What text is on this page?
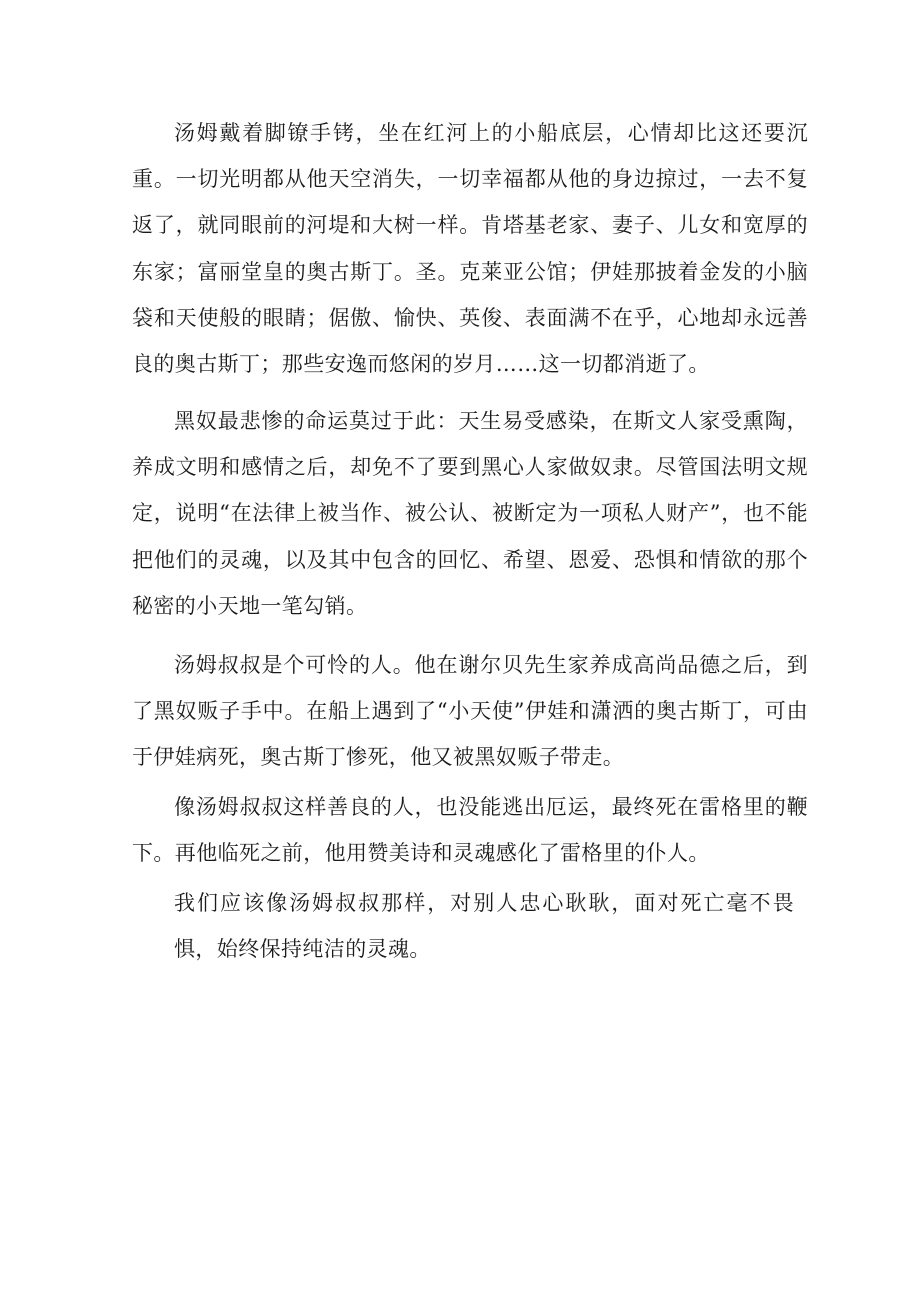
汤姆戴着脚镣手铐，坐在红河上的小船底层，心情却比这还要沉重。一切光明都从他天空消失，一切幸福都从他的身边掠过，一去不复返了，就同眼前的河堤和大树一样。肯塔基老家、妻子、儿女和宽厚的东家；富丽堂皇的奥古斯丁。圣。克莱亚公馆；伊娃那披着金发的小脑袋和天使般的眼睛；倨傲、愉快、英俊、表面满不在乎，心地却永远善良的奥古斯丁；那些安逸而悠闲的岁月……这一切都消逝了。

黑奴最悲惨的命运莫过于此：天生易受感染，在斯文人家受熏陶，养成文明和感情之后，却免不了要到黑心人家做奴隶。尽管国法明文规定，说明“在法律上被当作、被公认、被断定为一项私人财产”，也不能把他们的灵魂，以及其中包含的回忆、希望、恩爱、恐惧和情欲的那个秘密的小天地一笔勾销。

汤姆叔叔是个可怜的人。他在谢尔贝先生家养成高尚品德之后，到了黑奴贩子手中。在船上遇到了“小天使”伊娃和潇洒的奥古斯丁，可由于伊娃病死，奥古斯丁惨死，他又被黑奴贩子带走。

像汤姆叔叔这样善良的人，也没能逃出厄运，最终死在雷格里的鞭下。再他临死之前，他用赞美诗和灵魂感化了雷格里的仆人。

我们应该像汤姆叔叔那样，对别人忠心耿耿，面对死亡毫不畏惧，始终保持纯洁的灵魂。
